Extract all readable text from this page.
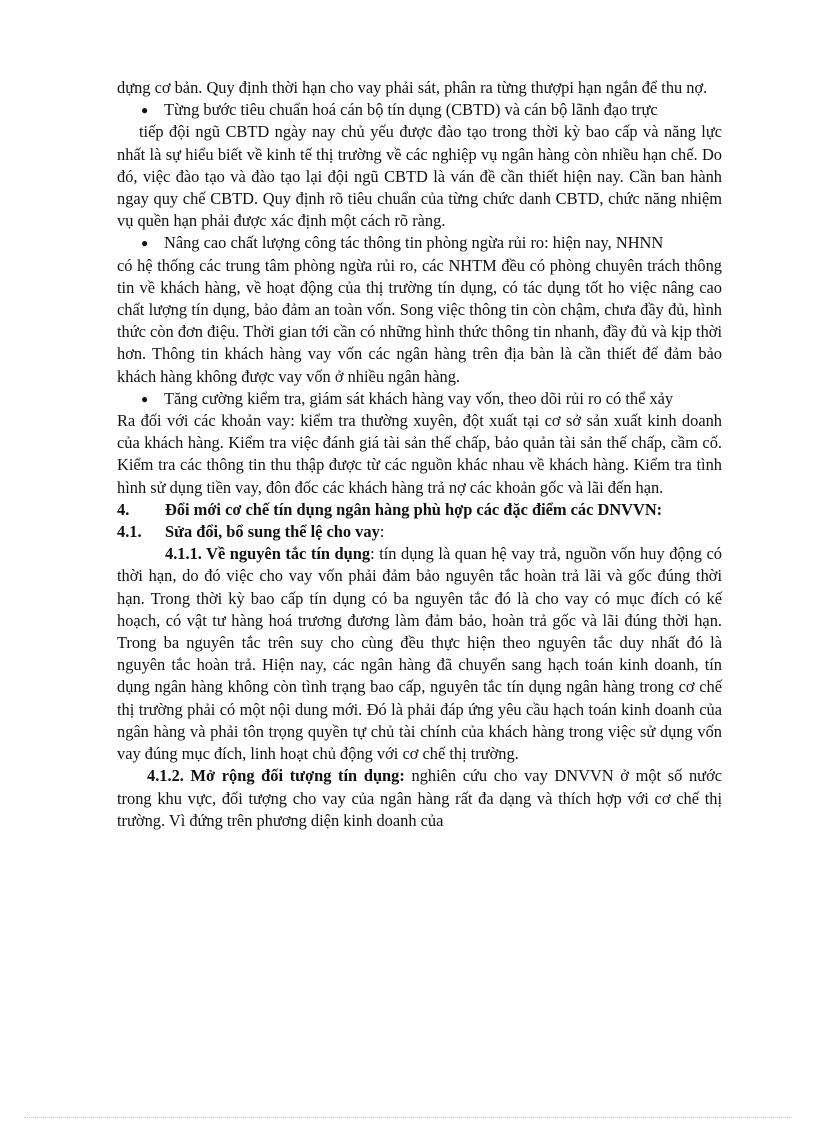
dựng cơ bản. Quy định thời hạn cho vay phải sát, phân ra từng thượpi hạn ngắn để thu nợ.

● Từng bước tiêu chuẩn hoá cán bộ tín dụng (CBTD) và cán bộ lãnh đạo trực

tiếp đội ngũ CBTD ngày nay chủ yếu được đào tạo trong thời kỳ bao cấp và năng lực nhất là sự hiểu biết về kinh tế thị trường về các nghiệp vụ ngân hàng còn nhiều hạn chế. Do đó, việc đào tạo và đào tạo lại đội ngũ CBTD là ván đề cần thiết hiện nay. Cần ban hành ngay quy chế CBTD. Quy định rõ tiêu chuẩn của từng chức danh CBTD, chức năng nhiệm vụ quền hạn phải được xác định một cách rõ ràng.

● Nâng cao chất lượng công tác thông tin phòng ngừa rủi ro: hiện nay, NHNN

có hệ thống các trung tâm phòng ngừa rủi ro, các NHTM đều có phòng chuyên trách thông tin về khách hàng, về hoạt động của thị trường tín dụng, có tác dụng tốt ho việc nâng cao chất lượng tín dụng, bảo đảm an toàn vốn. Song việc thông tin còn chậm, chưa đầy đủ, hình thức còn đơn điệu. Thời gian tới cần có những hình thức thông tin nhanh, đầy đủ và kịp thời hơn. Thông tin khách hàng vay vốn các ngân hàng trên địa bàn là cần thiết để đảm bảo khách hàng không được vay vốn ở nhiều ngân hàng.

● Tăng cường kiểm tra, giám sát khách hàng vay vốn, theo dõi rủi ro có thể xảy

Ra đối với các khoản vay: kiểm tra thường xuyên, đột xuất tại cơ sở sản xuất kinh doanh của khách hàng. Kiểm tra việc đánh giá tài sản thế chấp, bảo quản tài sản thế chấp, cầm cố. Kiểm tra các thông tin thu thập được từ các nguồn khác nhau về khách hàng. Kiểm tra tình hình sử dụng tiền vay, đôn đốc các khách hàng trả nợ các khoản gốc và lãi đến hạn.

4.	Đổi mới cơ chế tín dụng ngân hàng phù hợp các đặc điểm các DNVVN:

4.1. Sửa đổi, bổ sung thể lệ cho vay:

4.1.1. Về nguyên tắc tín dụng: tín dụng là quan hệ vay trả, nguồn vốn huy động có thời hạn, do đó việc cho vay vốn phải đảm bảo nguyên tắc hoàn trả lãi và gốc đúng thời hạn. Trong thời kỳ bao cấp tín dụng có ba nguyên tắc đó là cho vay có mục đích có kế hoạch, có vật tư hàng hoá trương đương làm đảm bảo, hoàn trả gốc và lãi đúng thời hạn. Trong ba nguyên tắc trên suy cho cùng đều thực hiện theo nguyên tắc duy nhất đó là nguyên tắc hoàn trả. Hiện nay, các ngân hàng đã chuyển sang hạch toán kinh doanh, tín dụng ngân hàng không còn tình trạng bao cấp, nguyên tắc tín dụng ngân hàng trong cơ chế thị trường phải có một nội dung mới. Đó là phải đáp ứng yêu cầu hạch toán kinh doanh của ngân hàng và phải tôn trọng quyền tự chủ tài chính của khách hàng trong việc sử dụng vốn vay đúng mục đích, linh hoạt chủ động với cơ chế thị trường.

4.1.2. Mở rộng đối tượng tín dụng: nghiên cứu cho vay DNVVN ở một số nước trong khu vực, đối tượng cho vay của ngân hàng rất đa dạng và thích hợp với cơ chế thị trường. Vì đứng trên phương diện kinh doanh của
